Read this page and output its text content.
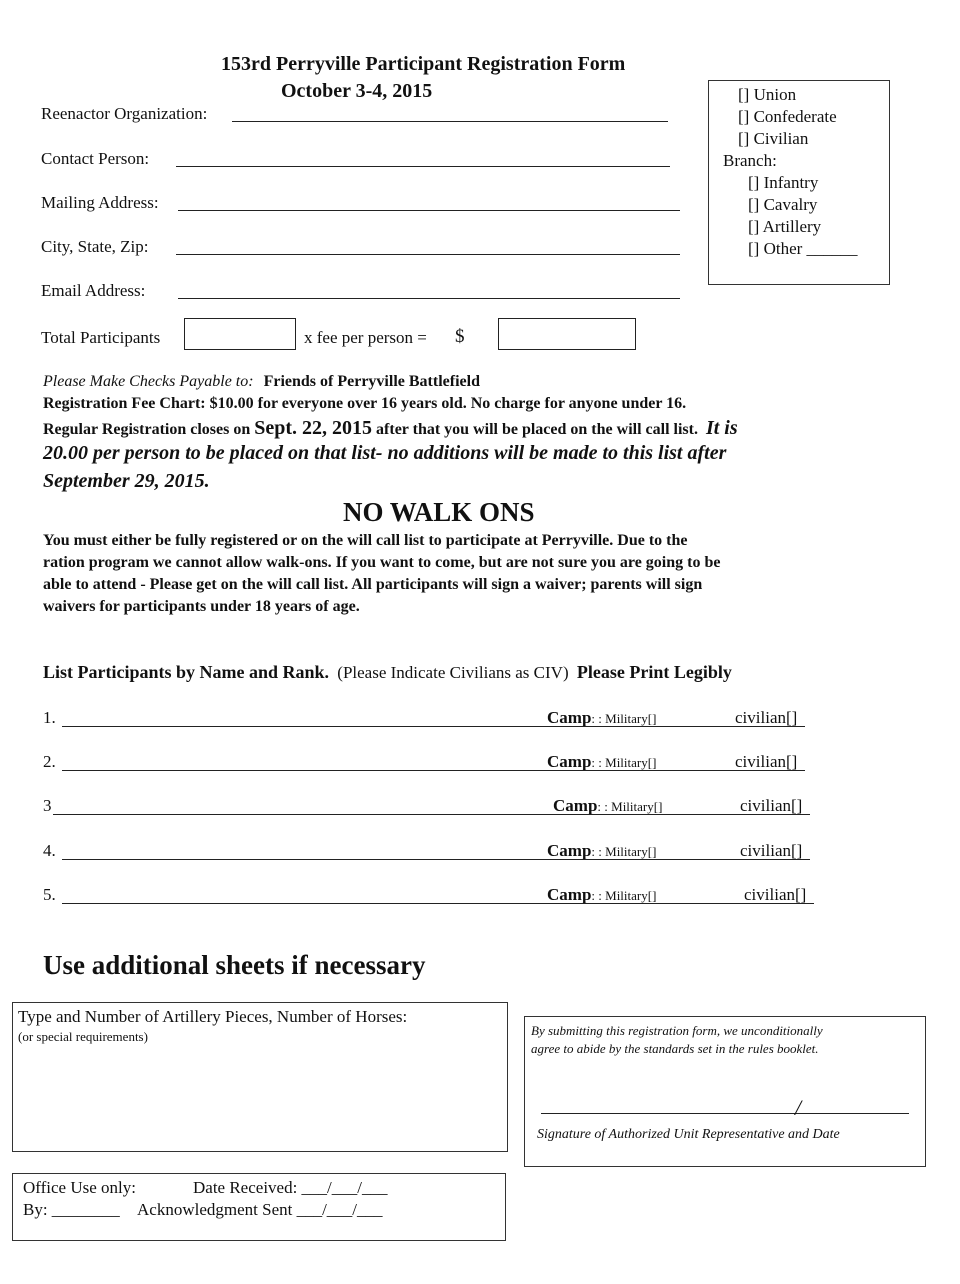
153rd Perryville Participant Registration Form
October 3-4, 2015
Reenactor Organization:
Contact Person:
Mailing Address:
City, State, Zip:
Email Address:
Total Participants	x fee per person = $
[] Union
[] Confederate
[] Civilian
Branch:
[] Infantry
[] Cavalry
[] Artillery
[] Other ______
Please Make Checks Payable to: Friends of Perryville Battlefield
Registration Fee Chart: $10.00 for everyone over 16 years old. No charge for anyone under 16.
Regular Registration closes on Sept. 22, 2015 after that you will be placed on the will call list. It is
20.00 per person to be placed on that list- no additions will be made to this list after
September 29, 2015.
NO WALK ONS
You must either be fully registered or on the will call list to participate at Perryville. Due to the
ration program we cannot allow walk-ons. If you want to come, but are not sure you are going to be
able to attend - Please get on the will call list. All participants will sign a waiver; parents will sign
waivers for participants under 18 years of age.
List Participants by Name and Rank. (Please Indicate Civilians as CIV) Please Print Legibly
1.	Camp: : Military[]	civilian[]
2.	Camp: : Military[]	civilian[]
3	Camp: : Military[]	civilian[]
4.	Camp: : Military[]	civilian[]
5.	Camp: : Military[]	civilian[]
Use additional sheets if necessary
Type and Number of Artillery Pieces, Number of Horses:
(or special requirements)	By submitting this registration form, we unconditionally
agree to abide by the standards set in the rules booklet.
/
Signature of Authorized Unit Representative and Date
Office Use only:	Date Received: ___/___/___
By: ________ Acknowledgment Sent ___/___/___
